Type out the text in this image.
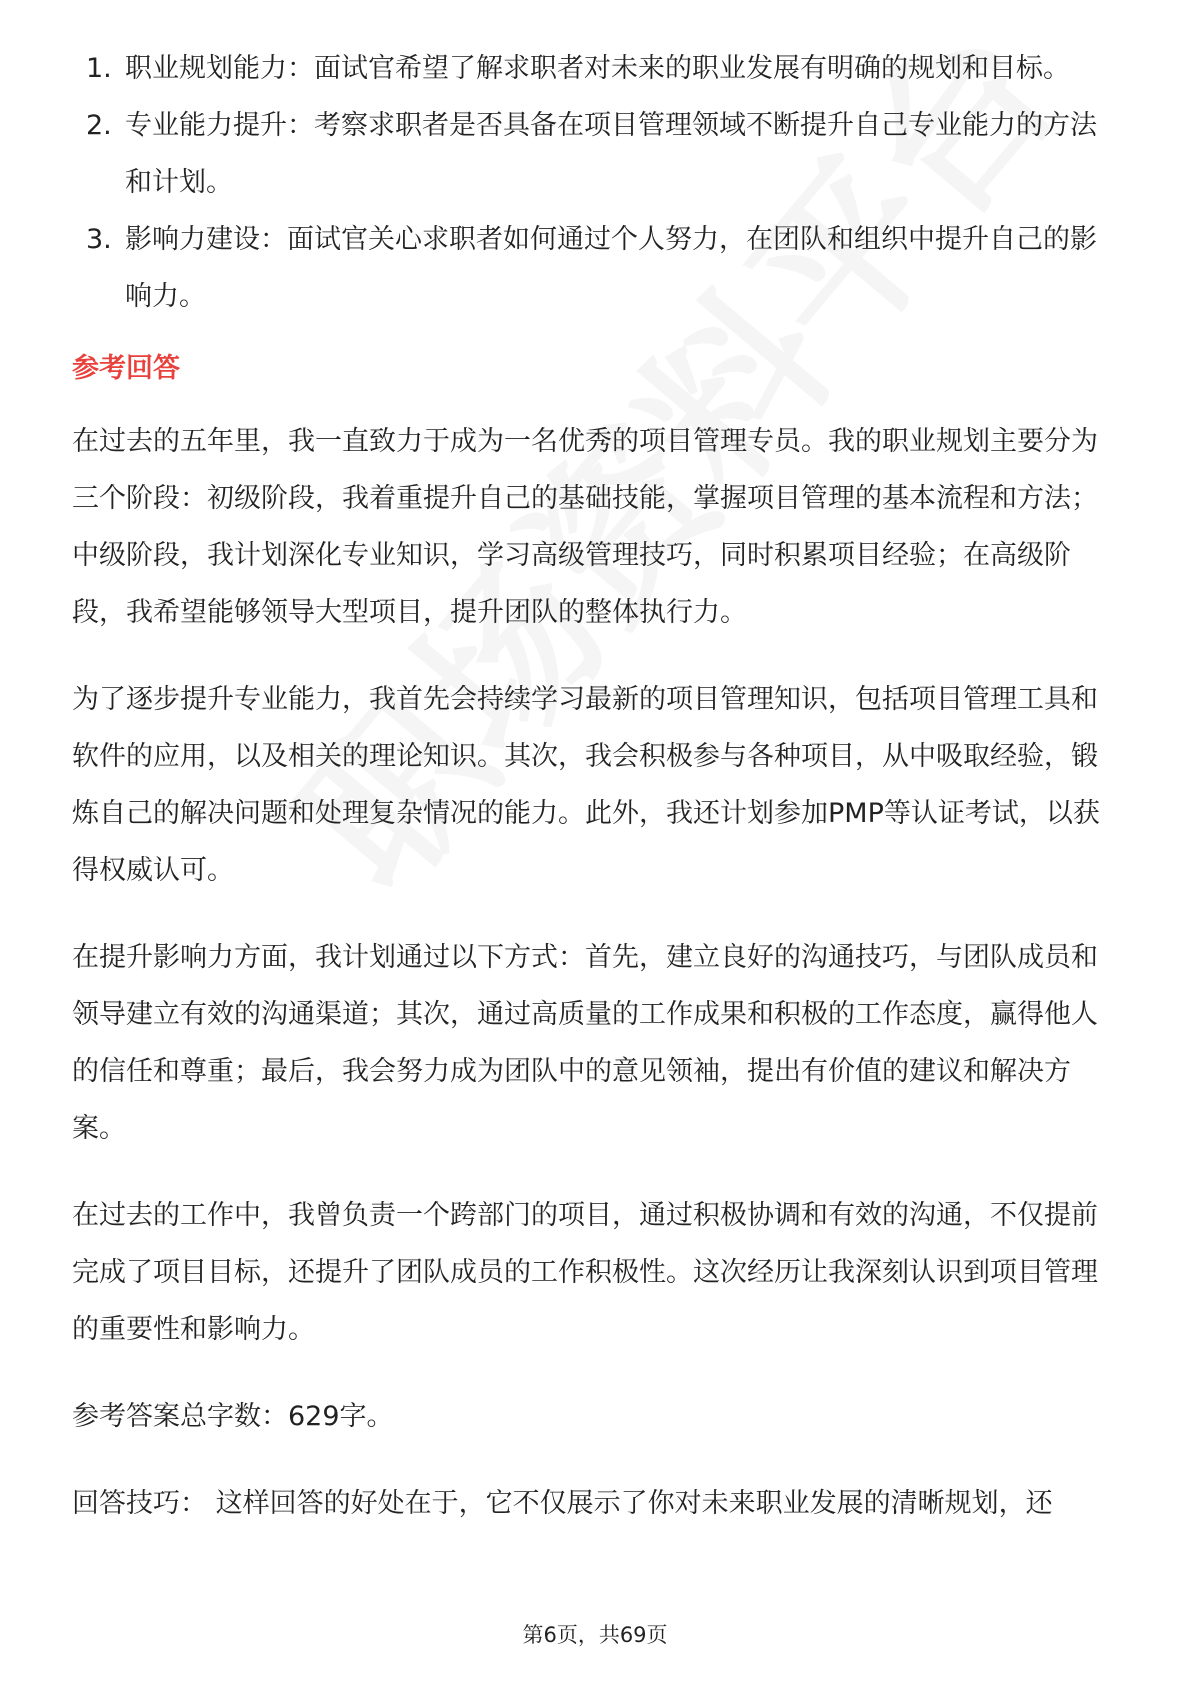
1. 职业规划能力：面试官希望了解求职者对未来的职业发展有明确的规划和目标。
2. 专业能力提升：考察求职者是否具备在项目管理领域不断提升自己专业能力的方法和计划。
3. 影响力建设：面试官关心求职者如何通过个人努力，在团队和组织中提升自己的影响力。
参考回答

在过去的五年里，我一直致力于成为一名优秀的项目管理专员。我的职业规划主要分为三个阶段：初级阶段，我着重提升自己的基础技能，掌握项目管理的基本流程和方法；中级阶段，我计划深化专业知识，学习高级管理技巧，同时积累项目经验；在高级阶段，我希望能够领导大型项目，提升团队的整体执行力。

为了逐步提升专业能力，我首先会持续学习最新的项目管理知识，包括项目管理工具和软件的应用，以及相关的理论知识。其次，我会积极参与各种项目，从中吸取经验，锻炼自己的解决问题和处理复杂情况的能力。此外，我还计划参加PMP等认证考试，以获得权威认可。

在提升影响力方面，我计划通过以下方式：首先，建立良好的沟通技巧，与团队成员和领导建立有效的沟通渠道；其次，通过高质量的工作成果和积极的工作态度，赢得他人的信任和尊重；最后，我会努力成为团队中的意见领袖，提出有价值的建议和解决方案。

在过去的工作中，我曾负责一个跨部门的项目，通过积极协调和有效的沟通，不仅提前完成了项目目标，还提升了团队成员的工作积极性。这次经历让我深刻认识到项目管理的重要性和影响力。

参考答案总字数：629字。

回答技巧： 这样回答的好处在于，它不仅展示了你对未来职业发展的清晰规划，还

第6页，共69页
